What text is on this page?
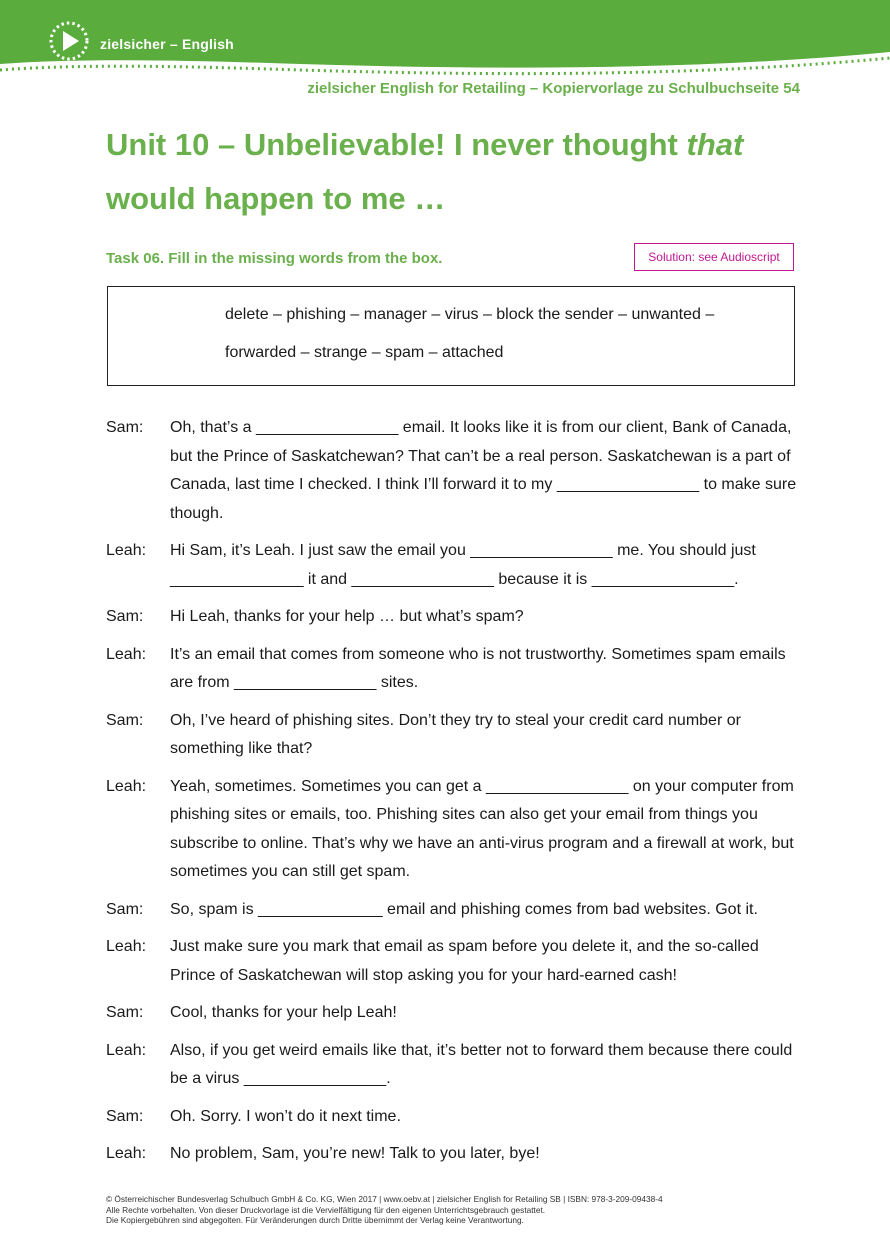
zielsicher – English
zielsicher English for Retailing – Kopiervorlage zu Schulbuchseite 54
Unit 10 – Unbelievable! I never thought that
would happen to me …
Task 06. Fill in the missing words from the box.	Solution: see Audioscript
delete – phishing – manager – virus – block the sender – unwanted –
forwarded – strange – spam – attached
Sam:	Oh, that’s a ________________ email. It looks like it is from our client, Bank of Canada, but the Prince of Saskatchewan? That can’t be a real person. Saskatchewan is a part of Canada, last time I checked. I think I’ll forward it to my ________________ to make sure though.
Leah:	Hi Sam, it’s Leah. I just saw the email you ________________ me. You should just _______________ it and ________________ because it is ________________.
Sam:	Hi Leah, thanks for your help … but what’s spam?
Leah:	It’s an email that comes from someone who is not trustworthy. Sometimes spam emails are from ________________ sites.
Sam:	Oh, I’ve heard of phishing sites. Don’t they try to steal your credit card number or something like that?
Leah:	Yeah, sometimes. Sometimes you can get a ________________ on your computer from phishing sites or emails, too. Phishing sites can also get your email from things you subscribe to online. That’s why we have an anti-virus program and a firewall at work, but sometimes you can still get spam.
Sam:	So, spam is ______________ email and phishing comes from bad websites. Got it.
Leah:	Just make sure you mark that email as spam before you delete it, and the so-called Prince of Saskatchewan will stop asking you for your hard-earned cash!
Sam:	Cool, thanks for your help Leah!
Leah:	Also, if you get weird emails like that, it’s better not to forward them because there could be a virus ________________.
Sam:	Oh. Sorry. I won’t do it next time.
Leah:	No problem, Sam, you’re new! Talk to you later, bye!
© Österreichischer Bundesverlag Schulbuch GmbH & Co. KG, Wien 2017 | www.oebv.at | zielsicher English for Retailing SB | ISBN: 978-3-209-09438-4
Alle Rechte vorbehalten. Von dieser Druckvorlage ist die Vervielfältigung für den eigenen Unterrichtsgebrauch gestattet.
Die Kopiergebühren sind abgegolten. Für Veränderungen durch Dritte übernimmt der Verlag keine Verantwortung.
